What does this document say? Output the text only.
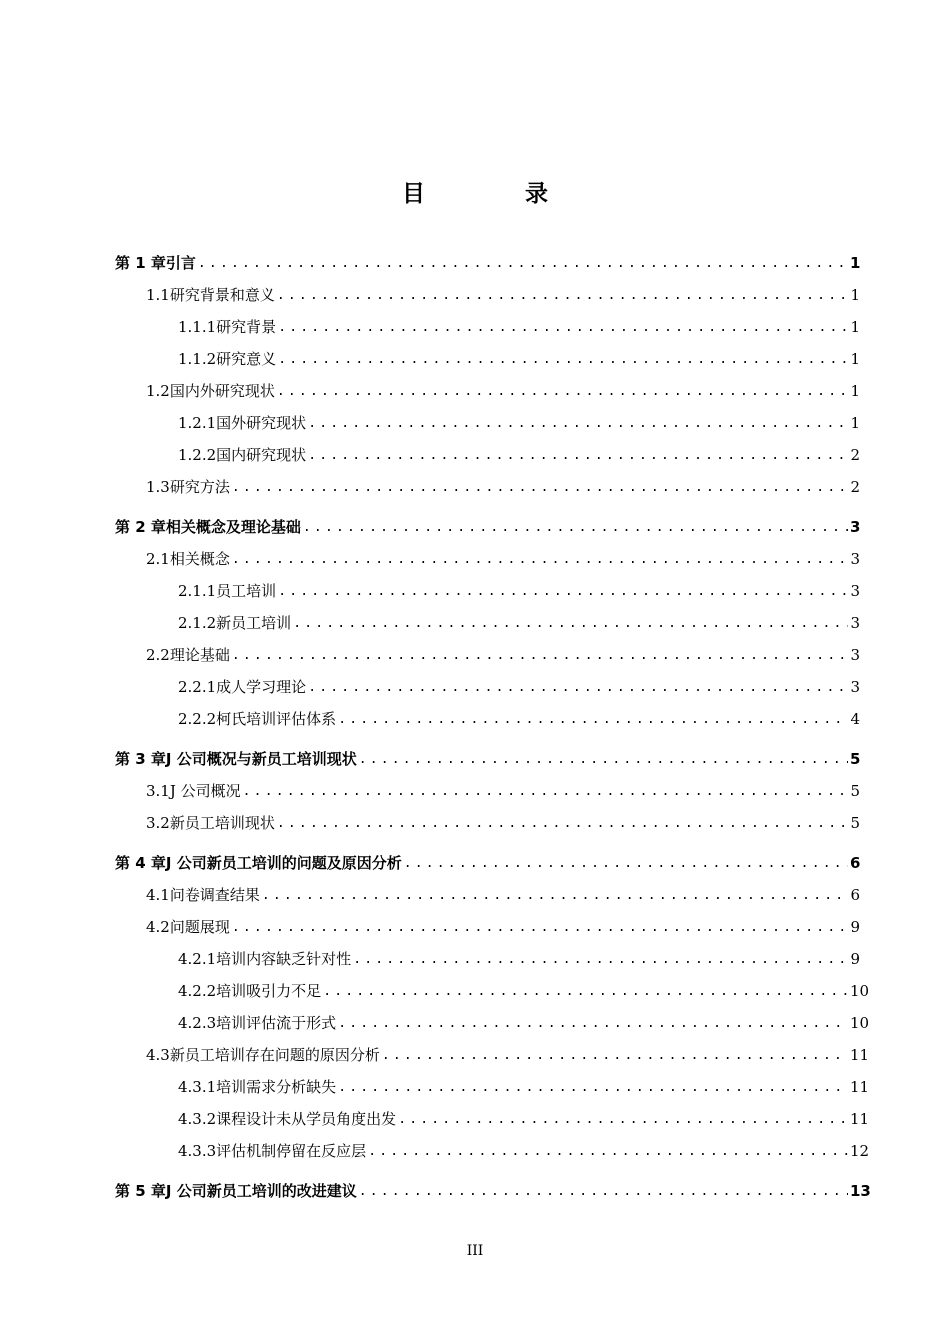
目 录
第 1 章 引言 .....	1
1.1 研究背景和意义 .....	1
1.1.1 研究背景 .....	1
1.1.2 研究意义 .....	1
1.2 国内外研究现状 .....	1
1.2.1 国外研究现状 .....	1
1.2.2 国内研究现状 .....	2
1.3 研究方法 .....	2
第 2 章 相关概念及理论基础 .....	3
2.1 相关概念 .....	3
2.1.1 员工培训 .....	3
2.1.2 新员工培训 .....	3
2.2 理论基础 .....	3
2.2.1 成人学习理论 .....	3
2.2.2 柯氏培训评估体系 .....	4
第 3 章 J 公司概况与新员工培训现状 .....	5
3.1 J 公司概况 .....	5
3.2 新员工培训现状 .....	5
第 4 章 J 公司新员工培训的问题及原因分析 .....	6
4.1 问卷调查结果 .....	6
4.2 问题展现 .....	9
4.2.1 培训内容缺乏针对性 .....	9
4.2.2 培训吸引力不足 .....	10
4.2.3 培训评估流于形式 .....	10
4.3 新员工培训存在问题的原因分析 .....	11
4.3.1 培训需求分析缺失 .....	11
4.3.2 课程设计未从学员角度出发 .....	11
4.3.3 评估机制停留在反应层 .....	12
第 5 章 J 公司新员工培训的改进建议 .....	13
III
